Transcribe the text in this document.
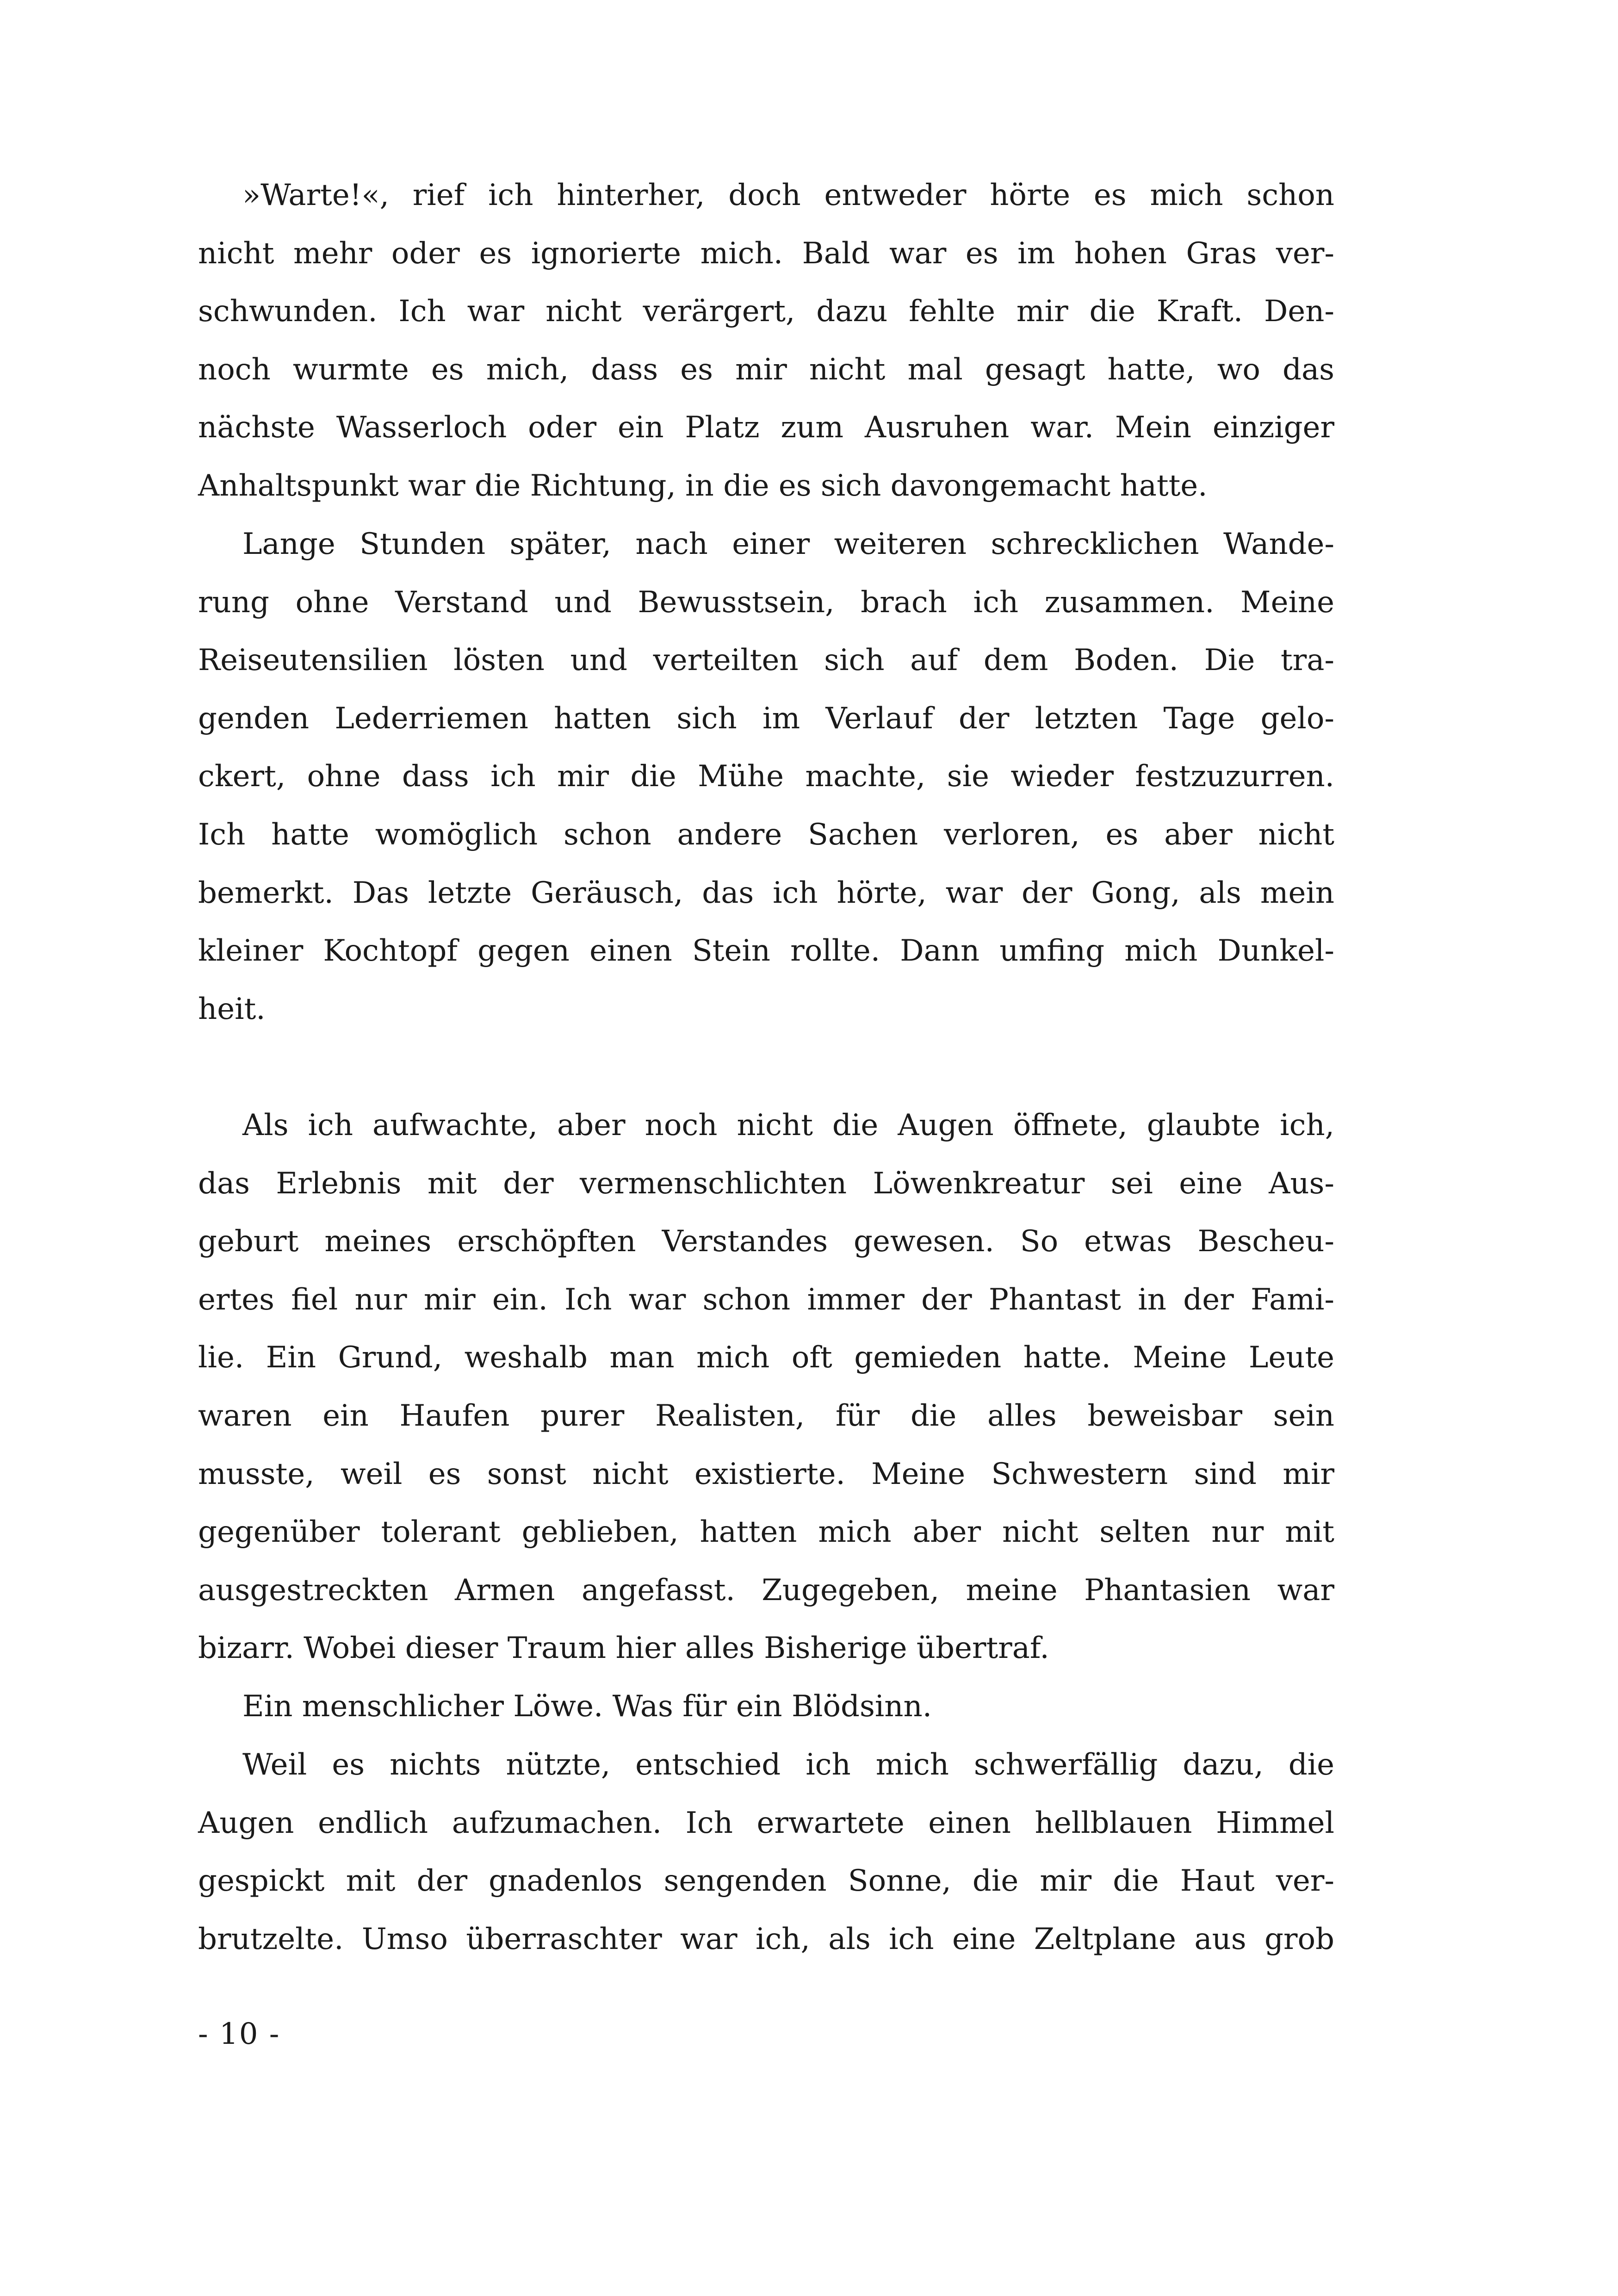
»Warte!«, rief ich hinterher, doch entweder hörte es mich schon
nicht mehr oder es ignorierte mich. Bald war es im hohen Gras ver-
schwunden. Ich war nicht verärgert, dazu fehlte mir die Kraft. Den-
noch wurmte es mich, dass es mir nicht mal gesagt hatte, wo das
nächste Wasserloch oder ein Platz zum Ausruhen war. Mein einziger
Anhaltspunkt war die Richtung, in die es sich davongemacht hatte.
Lange Stunden später, nach einer weiteren schrecklichen Wande-
rung ohne Verstand und Bewusstsein, brach ich zusammen. Meine
Reiseutensilien lösten und verteilten sich auf dem Boden. Die tra-
genden Lederriemen hatten sich im Verlauf der letzten Tage gelo-
ckert, ohne dass ich mir die Mühe machte, sie wieder festzuzurren.
Ich hatte womöglich schon andere Sachen verloren, es aber nicht
bemerkt. Das letzte Geräusch, das ich hörte, war der Gong, als mein
kleiner Kochtopf gegen einen Stein rollte. Dann umfing mich Dunkel-
heit.
Als ich aufwachte, aber noch nicht die Augen öffnete, glaubte ich,
das Erlebnis mit der vermenschlichten Löwenkreatur sei eine Aus-
geburt meines erschöpften Verstandes gewesen. So etwas Bescheu-
ertes fiel nur mir ein. Ich war schon immer der Phantast in der Fami-
lie. Ein Grund, weshalb man mich oft gemieden hatte. Meine Leute
waren ein Haufen purer Realisten, für die alles beweisbar sein
musste, weil es sonst nicht existierte. Meine Schwestern sind mir
gegenüber tolerant geblieben, hatten mich aber nicht selten nur mit
ausgestreckten Armen angefasst. Zugegeben, meine Phantasien war
bizarr. Wobei dieser Traum hier alles Bisherige übertraf.
Ein menschlicher Löwe. Was für ein Blödsinn.
Weil es nichts nützte, entschied ich mich schwerfällig dazu, die
Augen endlich aufzumachen. Ich erwartete einen hellblauen Himmel
gespickt mit der gnadenlos sengenden Sonne, die mir die Haut ver-
brutzelte. Umso überraschter war ich, als ich eine Zeltplane aus grob
- 10 -
